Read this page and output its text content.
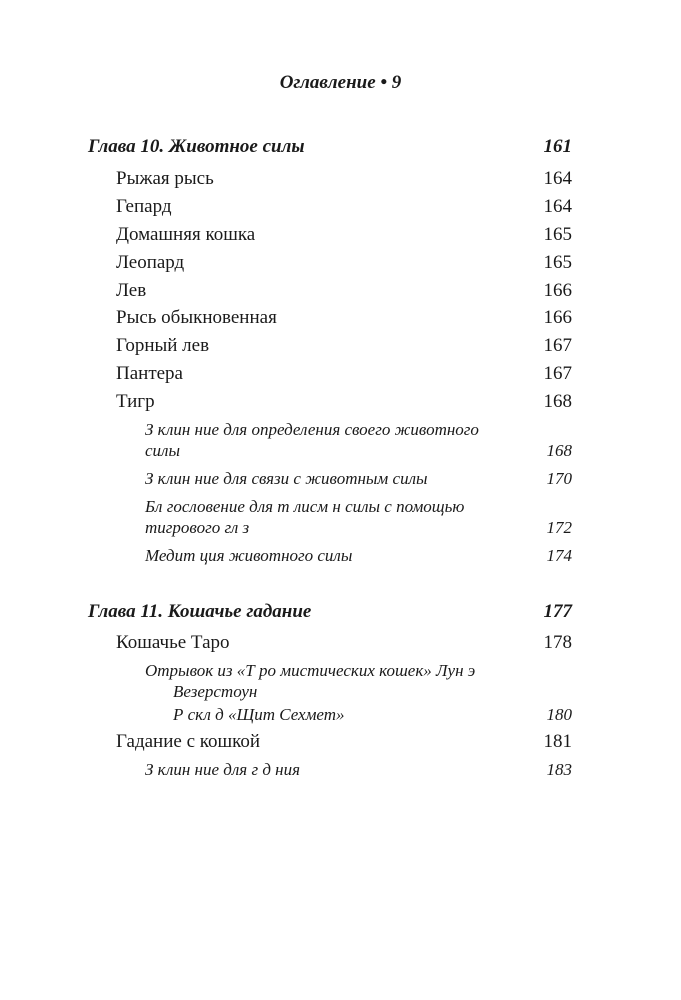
Оглавление • 9
Глава 10. Животное силы	161
Рыжая рысь	164
Гепард	164
Домашняя кошка	165
Леопард	165
Лев	166
Рысь обыкновенная	166
Горный лев	167
Пантера	167
Тигр	168
З клин ние для определения своего животного
силы	168
З клин ние для связи с животным силы	170
Бл гословение для т лисм н силы с помощью
тигрового гл з	172
Медит ция животного силы	174
Глава 11. Кошачье гадание	177
Кошачье Таро	178
Отрывок из «Т ро мистических кошек» Лун э
Везерстоун
Р скл д «Щит Сехмет»	180
Гадание с кошкой	181
З клин ние для г д ния	183
